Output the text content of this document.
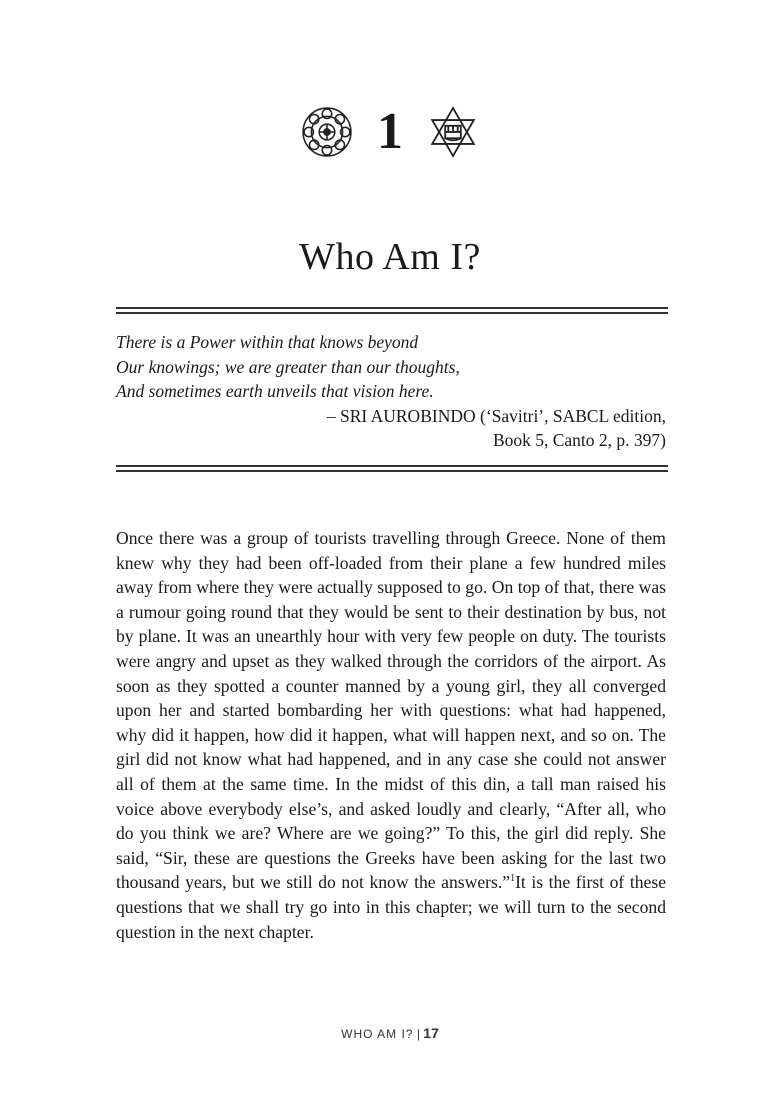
1
Who Am I?
There is a Power within that knows beyond
Our knowings; we are greater than our thoughts,
And sometimes earth unveils that vision here.
– SRI AUROBINDO (‘Savitri’, SABCL edition,
Book 5, Canto 2, p. 397)

Once there was a group of tourists travelling through Greece. None of them knew why they had been off-loaded from their plane a few hundred miles away from where they were actually supposed to go. On top of that, there was a rumour going round that they would be sent to their destination by bus, not by plane. It was an unearthly hour with very few people on duty. The tourists were angry and upset as they walked through the corridors of the airport. As soon as they spotted a counter manned by a young girl, they all converged upon her and started bombarding her with questions: what had happened, why did it happen, how did it happen, what will happen next, and so on. The girl did not know what had happened, and in any case she could not answer all of them at the same time. In the midst of this din, a tall man raised his voice above everybody else’s, and asked loudly and clearly, “After all, who do you think we are? Where are we going?” To this, the girl did reply. She said, “Sir, these are questions the Greeks have been asking for the last two thousand years, but we still do not know the answers.”$^1$It is the first of these questions that we shall try go into in this chapter; we will turn to the second question in the next chapter.

WHO AM I? | 17
